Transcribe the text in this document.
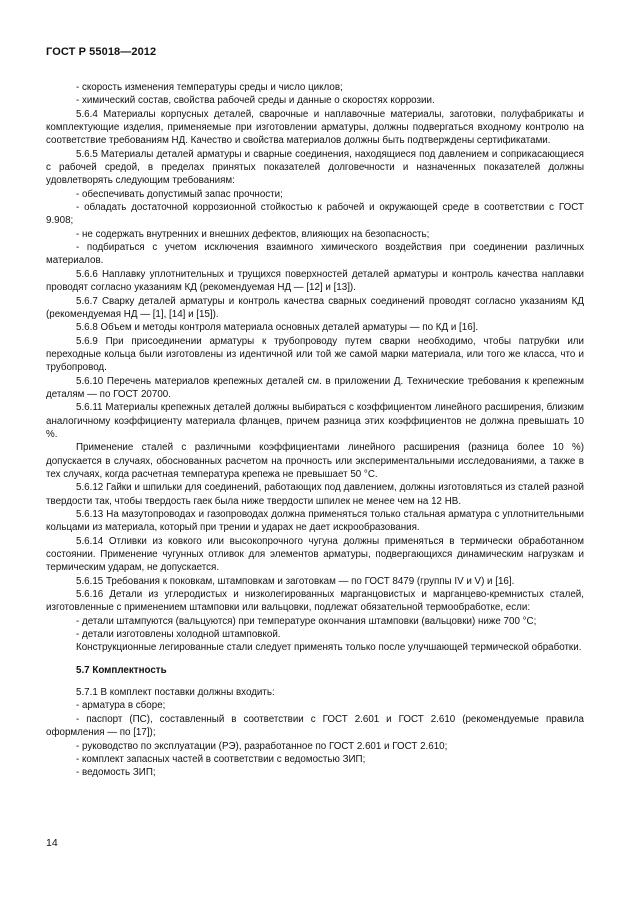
ГОСТ Р 55018—2012

- скорость изменения температуры среды и число циклов;

- химический состав, свойства рабочей среды и данные о скоростях коррозии.

5.6.4 Материалы корпусных деталей, сварочные и наплавочные материалы, заготовки, полуфабрикаты и комплектующие изделия, применяемые при изготовлении арматуры, должны подвергаться входному контролю на соответствие требованиям НД. Качество и свойства материалов должны быть подтверждены сертификатами.

5.6.5 Материалы деталей арматуры и сварные соединения, находящиеся под давлением и соприкасающиеся с рабочей средой, в пределах принятых показателей долговечности и назначенных показателей должны удовлетворять следующим требованиям:

- обеспечивать допустимый запас прочности;

- обладать достаточной коррозионной стойкостью к рабочей и окружающей среде в соответствии с ГОСТ 9.908;

- не содержать внутренних и внешних дефектов, влияющих на безопасность;

- подбираться с учетом исключения взаимного химического воздействия при соединении различных материалов.

5.6.6 Наплавку уплотнительных и трущихся поверхностей деталей арматуры и контроль качества наплавки проводят согласно указаниям КД (рекомендуемая НД — [12] и [13]).

5.6.7 Сварку деталей арматуры и контроль качества сварных соединений проводят согласно указаниям КД (рекомендуемая НД — [1], [14] и [15]).

5.6.8 Объем и методы контроля материала основных деталей арматуры — по КД и [16].

5.6.9 При присоединении арматуры к трубопроводу путем сварки необходимо, чтобы патрубки или переходные кольца были изготовлены из идентичной или той же самой марки материала, или того же класса, что и трубопровод.

5.6.10 Перечень материалов крепежных деталей см. в приложении Д. Технические требования к крепежным деталям — по ГОСТ 20700.

5.6.11 Материалы крепежных деталей должны выбираться с коэффициентом линейного расширения, близким аналогичному коэффициенту материала фланцев, причем разница этих коэффициентов не должна превышать 10 %.

Применение сталей с различными коэффициентами линейного расширения (разница более 10 %) допускается в случаях, обоснованных расчетом на прочность или экспериментальными исследованиями, а также в тех случаях, когда расчетная температура крепежа не превышает 50 °С.

5.6.12 Гайки и шпильки для соединений, работающих под давлением, должны изготовляться из сталей разной твердости так, чтобы твердость гаек была ниже твердости шпилек не менее чем на 12 НВ.

5.6.13 На мазутопроводах и газопроводах должна применяться только стальная арматура с уплотнительными кольцами из материала, который при трении и ударах не дает искрообразования.

5.6.14 Отливки из ковкого или высокопрочного чугуна должны применяться в термически обработанном состоянии. Применение чугунных отливок для элементов арматуры, подвергающихся динамическим нагрузкам и термическим ударам, не допускается.

5.6.15 Требования к поковкам, штамповкам и заготовкам — по ГОСТ 8479 (группы IV и V) и [16].

5.6.16 Детали из углеродистых и низколегированных марганцовистых и марганцево-кремнистых сталей, изготовленные с применением штамповки или вальцовки, подлежат обязательной термообработке, если:

- детали штампуются (вальцуются) при температуре окончания штамповки (вальцовки) ниже 700 °С;

- детали изготовлены холодной штамповкой.

Конструкционные легированные стали следует применять только после улучшающей термической обработки.

5.7 Комплектность

5.7.1 В комплект поставки должны входить:

- арматура в сборе;

- паспорт (ПС), составленный в соответствии с ГОСТ 2.601 и ГОСТ 2.610 (рекомендуемые правила оформления — по [17]);

- руководство по эксплуатации (РЭ), разработанное по ГОСТ 2.601 и ГОСТ 2.610;

- комплект запасных частей в соответствии с ведомостью ЗИП;

- ведомость ЗИП;

14
